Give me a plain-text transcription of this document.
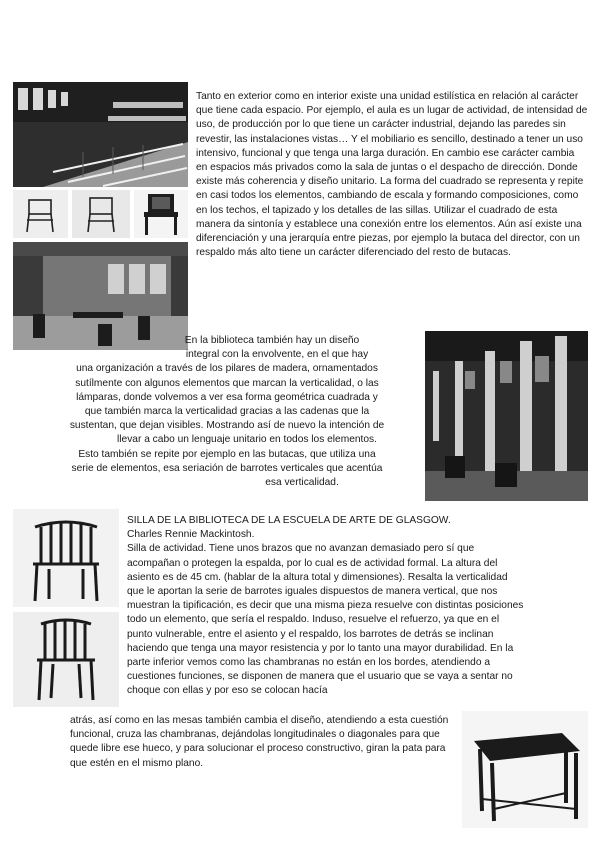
Tanto en exterior como en interior existe una unidad estilística en relación al carácter que tiene cada espacio. Por ejemplo, el aula es un lugar de actividad, de intensidad de uso, de producción por lo que tiene un carácter industrial, dejando las paredes sin revestir, las instalaciones vistas… Y el mobiliario es sencillo, destinado a tener un uso intensivo, funcional y que tenga una larga duración. En cambio ese carácter cambia en espacios más privados como la sala de juntas o el despacho de dirección. Donde existe más coherencia y diseño unitario. La forma del cuadrado se representa y repite en casi todos los elementos, cambiando de escala y formando composiciones, como en los techos, el tapizado y los detalles de las sillas. Utilizar el cuadrado de esta manera da sintonía y establece una conexión entre los elementos. Aún así existe una diferenciación y una jerarquía entre piezas, por ejemplo la butaca del director, con un respaldo más alto tiene un carácter diferenciado del resto de butacas.

En la biblioteca también hay un diseño

integral con la envolvente, en el que hay

una organización a través de los pilares de madera, ornamentados

sutílmente con algunos elementos que marcan la verticalidad, o las

lámparas, donde volvemos a ver esa forma geométrica cuadrada y

que también marca la verticalidad gracias a las cadenas que la

sustentan, que dejan visibles. Mostrando así de nuevo la intención de

llevar a cabo un lenguaje unitario en todos los elementos.

Esto también se repite por ejemplo en las butacas, que utiliza una

serie de elementos, esa seriación de barrotes verticales que acentúa

esa verticalidad.

SILLA DE LA BIBLIOTECA DE LA ESCUELA DE ARTE DE GLASGOW.

Charles Rennie Mackintosh.

Silla de actividad. Tiene unos brazos que no avanzan demasiado pero sí que acompañan o protegen la espalda, por lo cual es de actividad formal. La altura del asiento es de 45 cm. (hablar de la altura total y dimensiones). Resalta la verticalidad que le aportan la serie de barrotes iguales dispuestos de manera vertical, que nos muestran la tipificación, es decir que una misma pieza resuelve con distintas posiciones todo un elemento, que sería el respaldo. Induso, resuelve el refuerzo, ya que en el punto vulnerable, entre el asiento y el respaldo, los barrotes de detrás se inclinan haciendo que tenga una mayor resistencia y por lo tanto una mayor durabilidad. En la parte inferior vemos como las chambranas no están en los bordes, atendiendo a cuestiones funciones, se disponen de manera que el usuario que se vaya a sentar no choque con ellas y por eso se colocan hacía

atrás, así como en las mesas también cambia el diseño, atendiendo a esta cuestión funcional, cruza las chambranas, dejándolas longitudinales o diagonales para que quede libre ese hueco, y para solucionar el proceso constructivo, giran la pata para que estén en el mismo plano.
